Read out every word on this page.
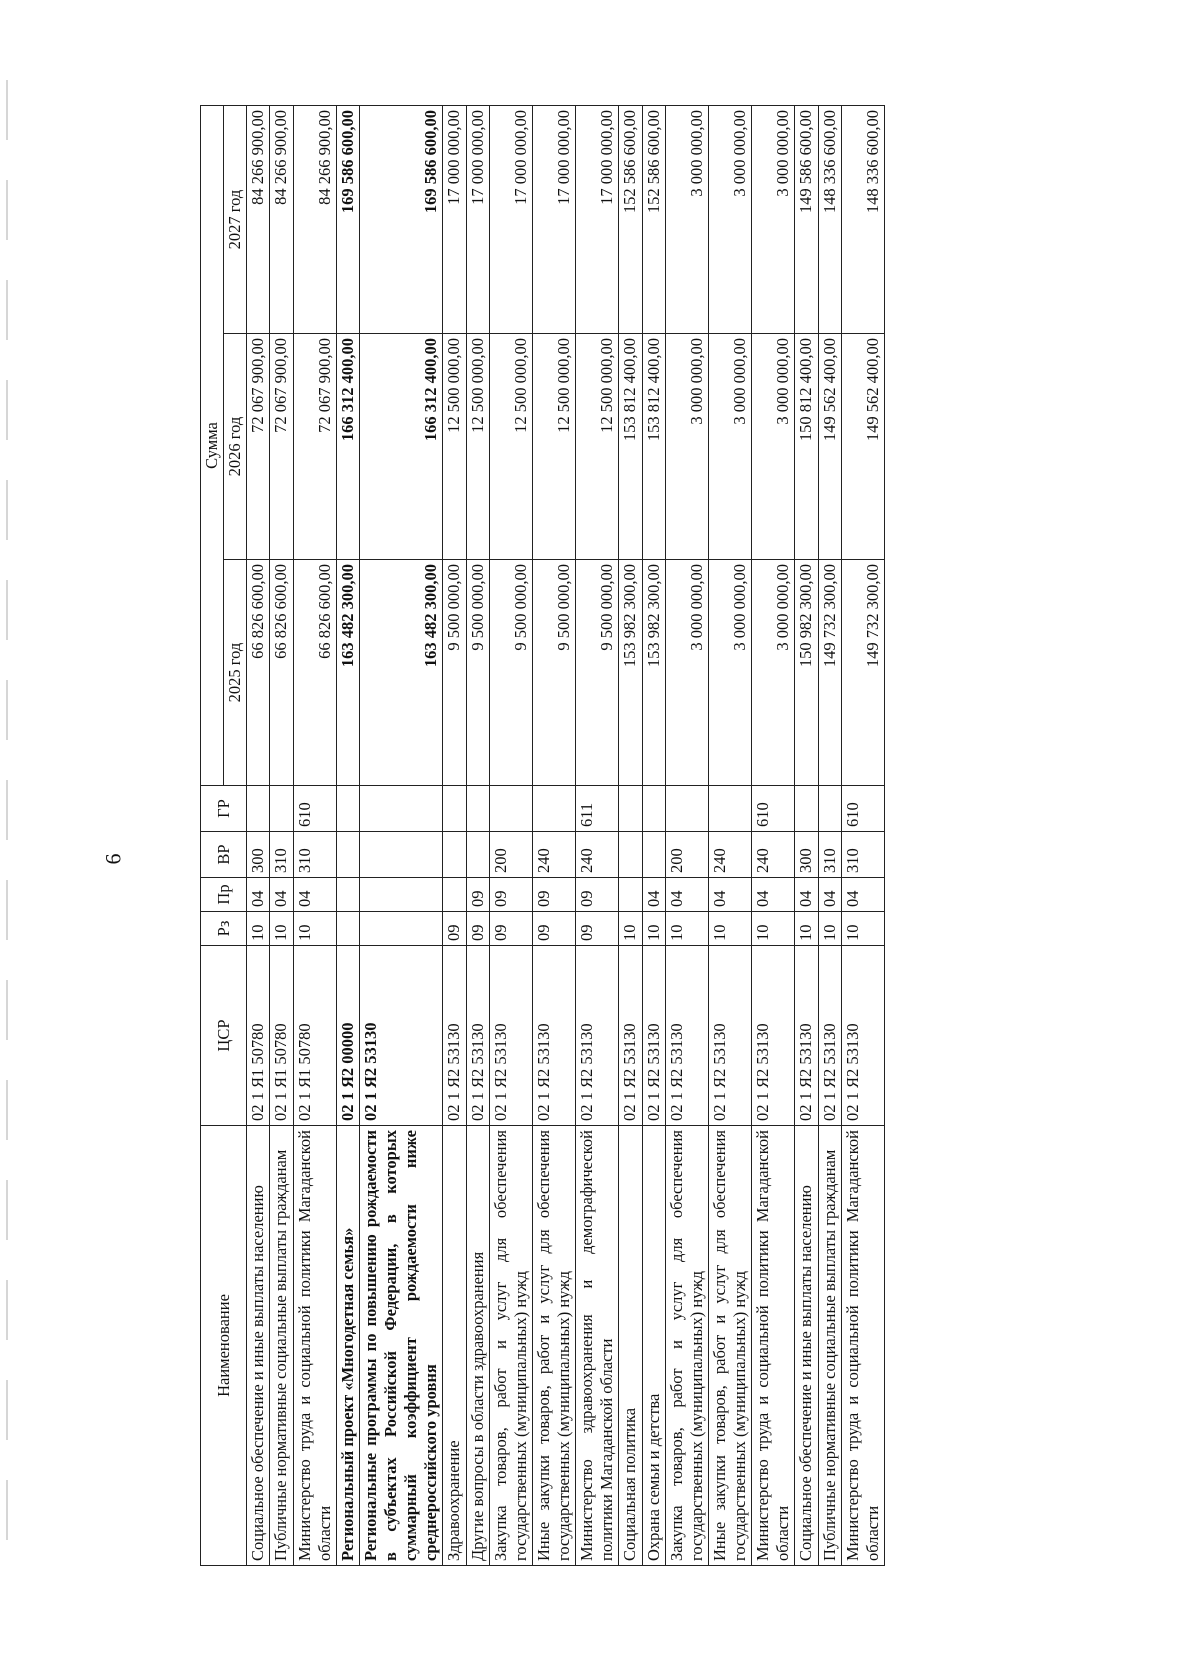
6
Наименование	ЦСР	Рз	Пр	ВР	ГР	Сумма		
						2025 год	2026 год	2027 год
Социальное обеспечение и иные выплаты населению	02 1 Я1 50780	10	04	300		66 826 600,00	72 067 900,00	84 266 900,00
Публичные нормативные социальные выплаты гражданам	02 1 Я1 50780	10	04	310		66 826 600,00	72 067 900,00	84 266 900,00
Министерство труда и социальной политики Магаданской области	02 1 Я1 50780	10	04	310	610	66 826 600,00	72 067 900,00	84 266 900,00
Региональный проект «Многодетная семья»	02 1 Я2 00000					163 482 300,00	166 312 400,00	169 586 600,00
Региональные программы по повышению рождаемости в субъектах Российской Федерации, в которых суммарный коэффициент рождаемости ниже среднероссийского уровня	02 1 Я2 53130					163 482 300,00	166 312 400,00	169 586 600,00
Здравоохранение	02 1 Я2 53130	09				9 500 000,00	12 500 000,00	17 000 000,00
Другие вопросы в области здравоохранения	02 1 Я2 53130	09	09			9 500 000,00	12 500 000,00	17 000 000,00
Закупка товаров, работ и услуг для обеспечения государственных (муниципальных) нужд	02 1 Я2 53130	09	09	200		9 500 000,00	12 500 000,00	17 000 000,00
Иные закупки товаров, работ и услуг для обеспечения государственных (муниципальных) нужд	02 1 Я2 53130	09	09	240		9 500 000,00	12 500 000,00	17 000 000,00
Министерство здравоохранения и демографической политики Магаданской области	02 1 Я2 53130	09	09	240	611	9 500 000,00	12 500 000,00	17 000 000,00
Социальная политика	02 1 Я2 53130	10				153 982 300,00	153 812 400,00	152 586 600,00
Охрана семьи и детства	02 1 Я2 53130	10	04			153 982 300,00	153 812 400,00	152 586 600,00
Закупка товаров, работ и услуг для обеспечения государственных (муниципальных) нужд	02 1 Я2 53130	10	04	200		3 000 000,00	3 000 000,00	3 000 000,00
Иные закупки товаров, работ и услуг для обеспечения государственных (муниципальных) нужд	02 1 Я2 53130	10	04	240		3 000 000,00	3 000 000,00	3 000 000,00
Министерство труда и социальной политики Магаданской области	02 1 Я2 53130	10	04	240	610	3 000 000,00	3 000 000,00	3 000 000,00
Социальное обеспечение и иные выплаты населению	02 1 Я2 53130	10	04	300		150 982 300,00	150 812 400,00	149 586 600,00
Публичные нормативные социальные выплаты гражданам	02 1 Я2 53130	10	04	310		149 732 300,00	149 562 400,00	148 336 600,00
Министерство труда и социальной политики Магаданской области	02 1 Я2 53130	10	04	310	610	149 732 300,00	149 562 400,00	148 336 600,00
